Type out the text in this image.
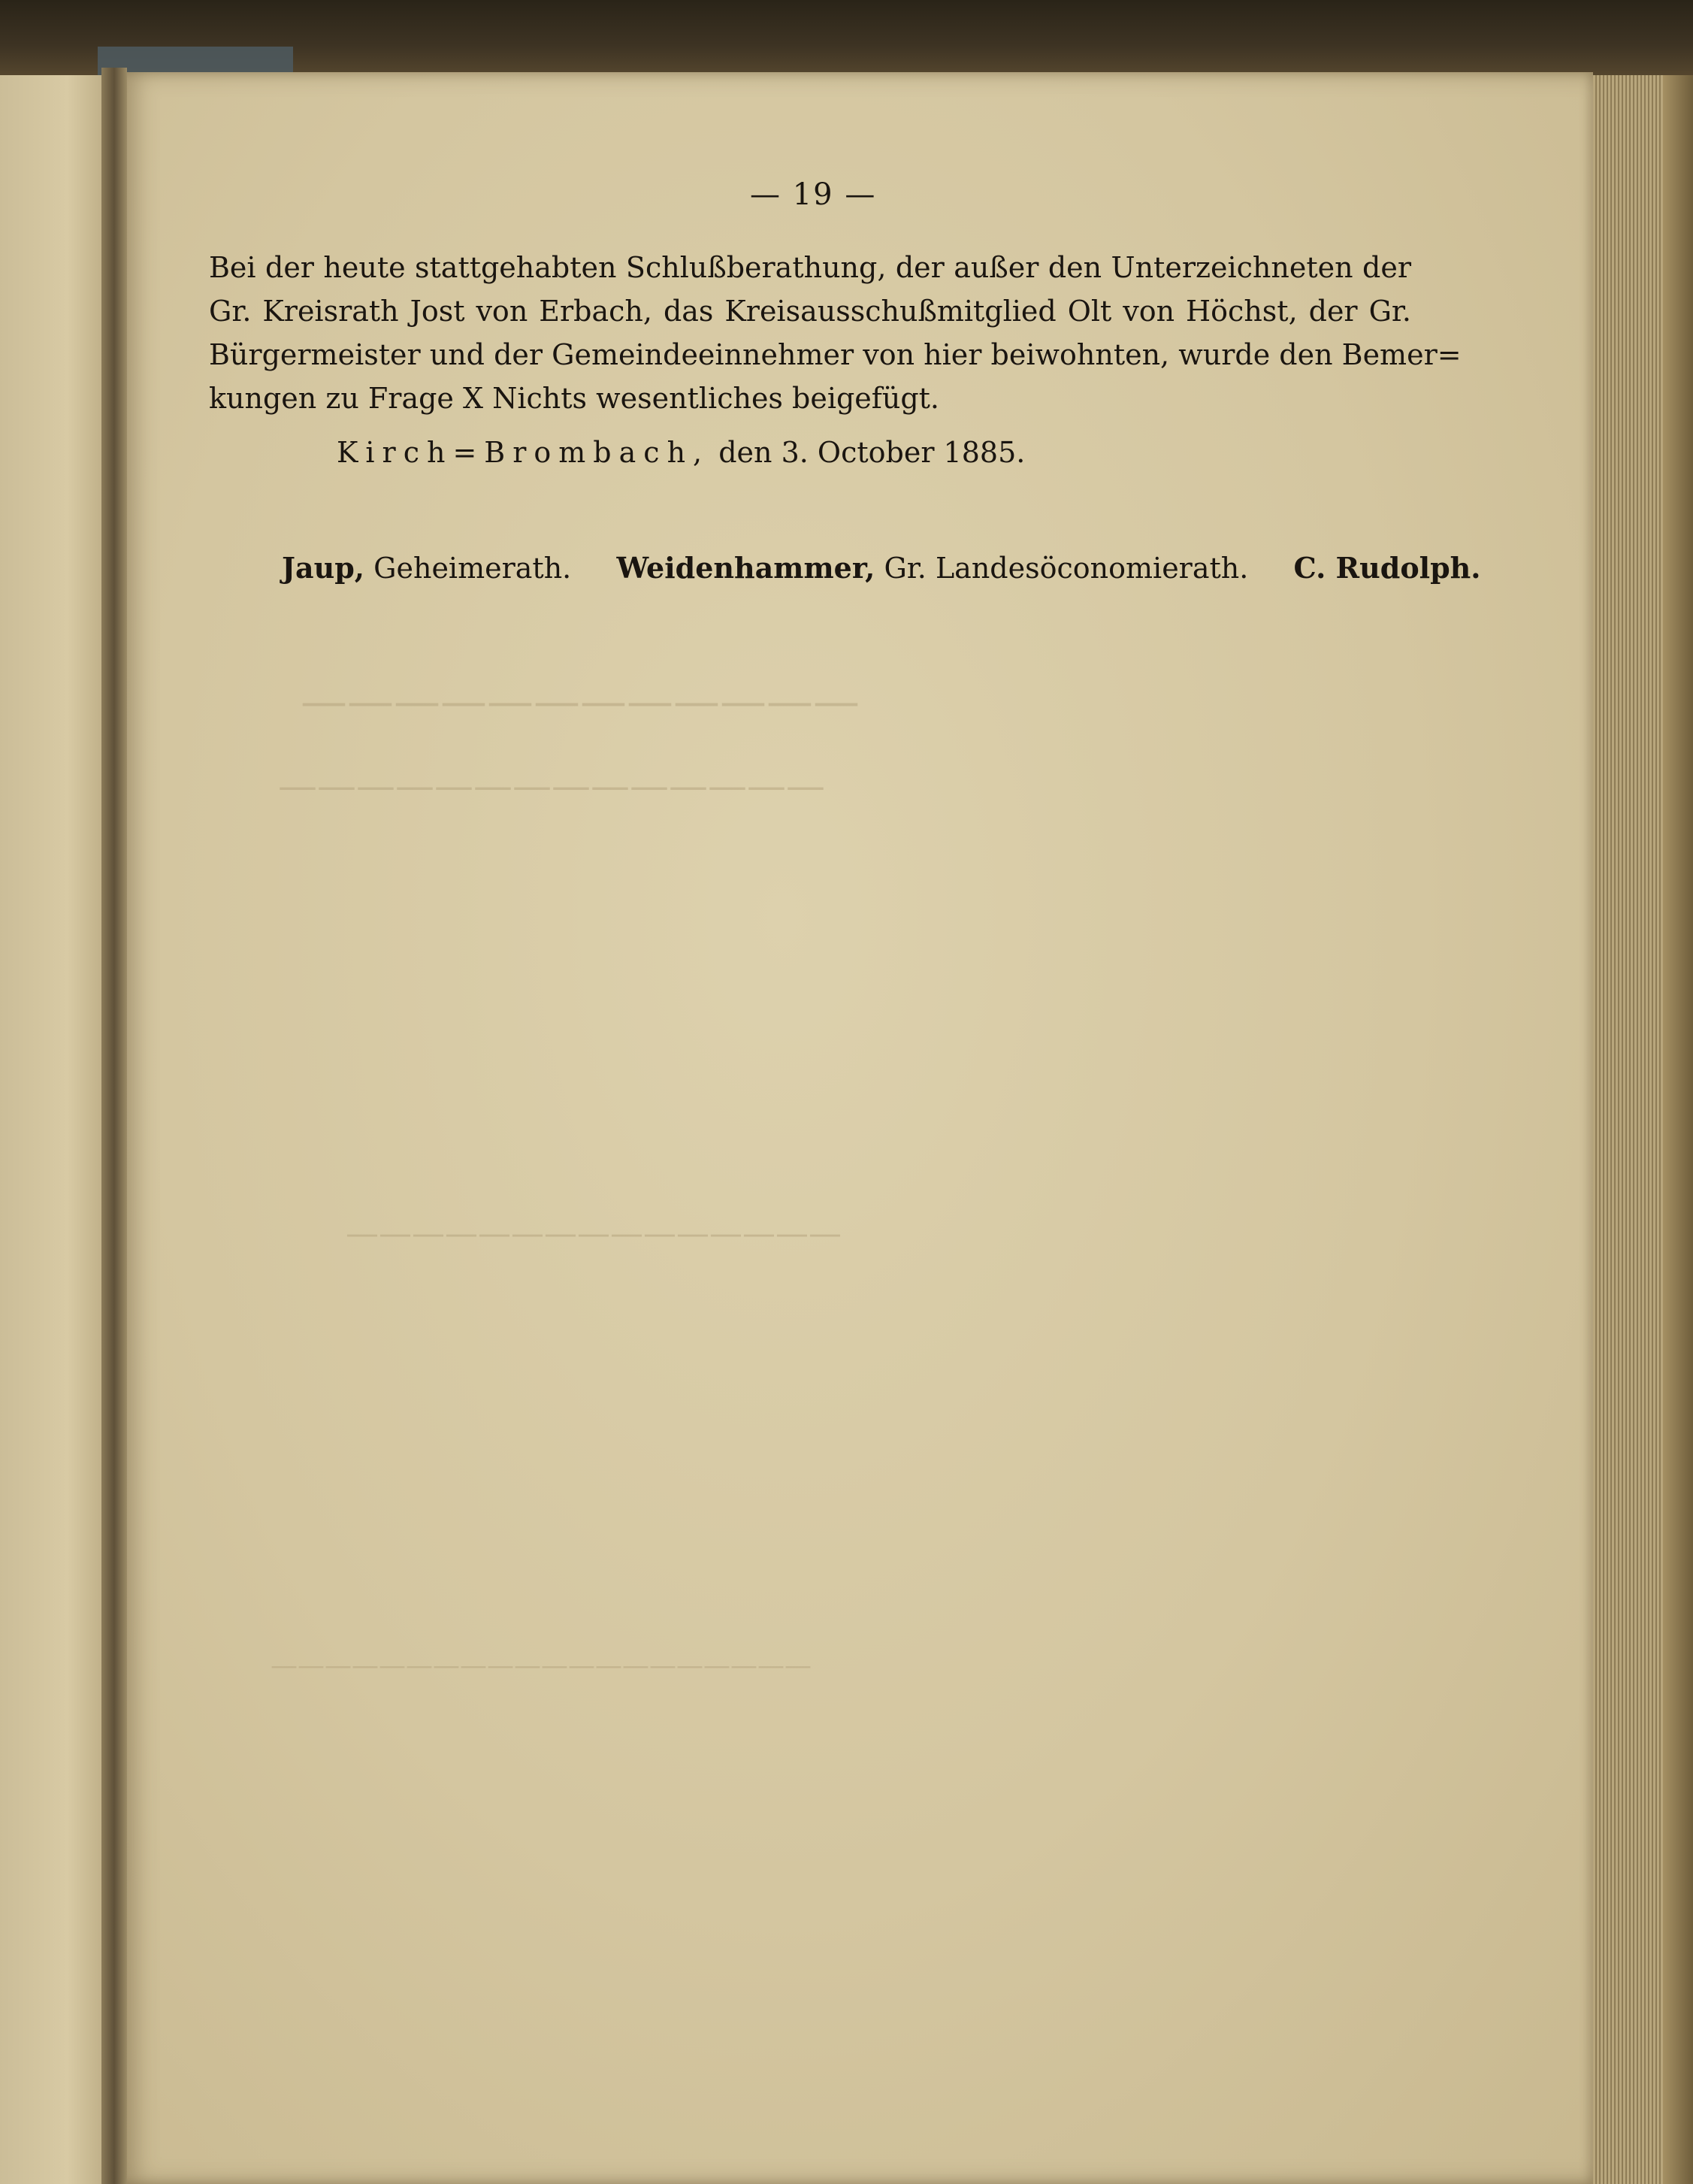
————————————
——————————————
———————————————
————————————————————
— 19 —
Bei der heute stattgehabten Schlußberathung, der außer den Unterzeichneten der
Gr. Kreisrath Jost von Erbach, das Kreisausschußmitglied Olt von Höchst, der Gr.
Bürgermeister und der Gemeindeeinnehmer von hier beiwohnten, wurde den Bemer=
kungen zu Frage X Nichts wesentliches beigefügt.
Kirch=Brombach, den 3. October 1885.
Jaup, Geheimerath. Weidenhammer, Gr. Landesöconomierath. C. Rudolph.
